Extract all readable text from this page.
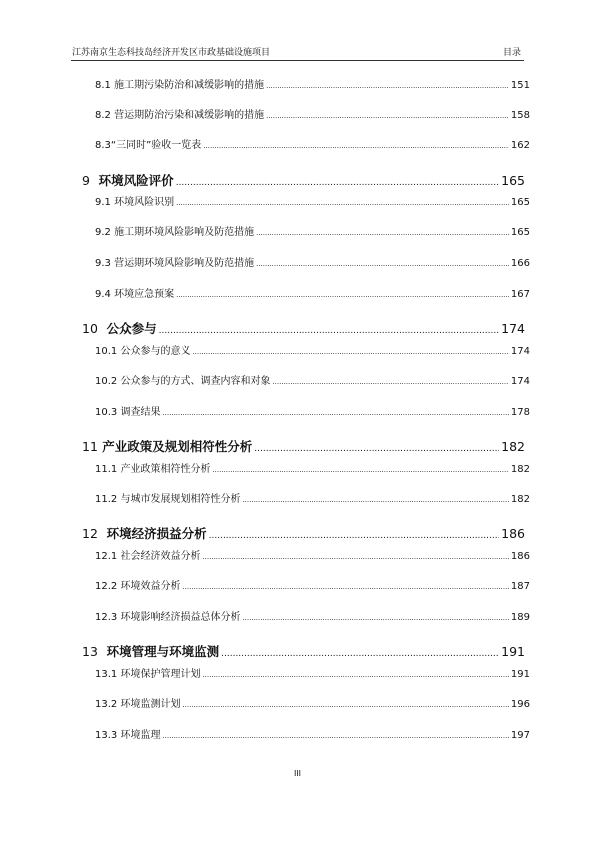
江苏南京生态科技岛经济开发区市政基础设施项目	目录
8.1 施工期污染防治和减缓影响的措施 .....	151
8.2 营运期防治污染和减缓影响的措施 .....	158
8.3“三同时”验收一览表 .....	162
9 环境风险评价 .....	165
9.1 环境风险识别 .....	165
9.2 施工期环境风险影响及防范措施 .....	165
9.3 营运期环境风险影响及防范措施 .....	166
9.4 环境应急预案 .....	167
10 公众参与 .....	174
10.1 公众参与的意义 .....	174
10.2 公众参与的方式、调查内容和对象 .....	174
10.3 调查结果 .....	178
11 产业政策及规划相符性分析 .....	182
11.1 产业政策相符性分析 .....	182
11.2 与城市发展规划相符性分析 .....	182
12 环境经济损益分析 .....	186
12.1 社会经济效益分析 .....	186
12.2 环境效益分析 .....	187
12.3 环境影响经济损益总体分析 .....	189
13 环境管理与环境监测 .....	191
13.1 环境保护管理计划 .....	191
13.2 环境监测计划 .....	196
13.3 环境监理 .....	197
III
